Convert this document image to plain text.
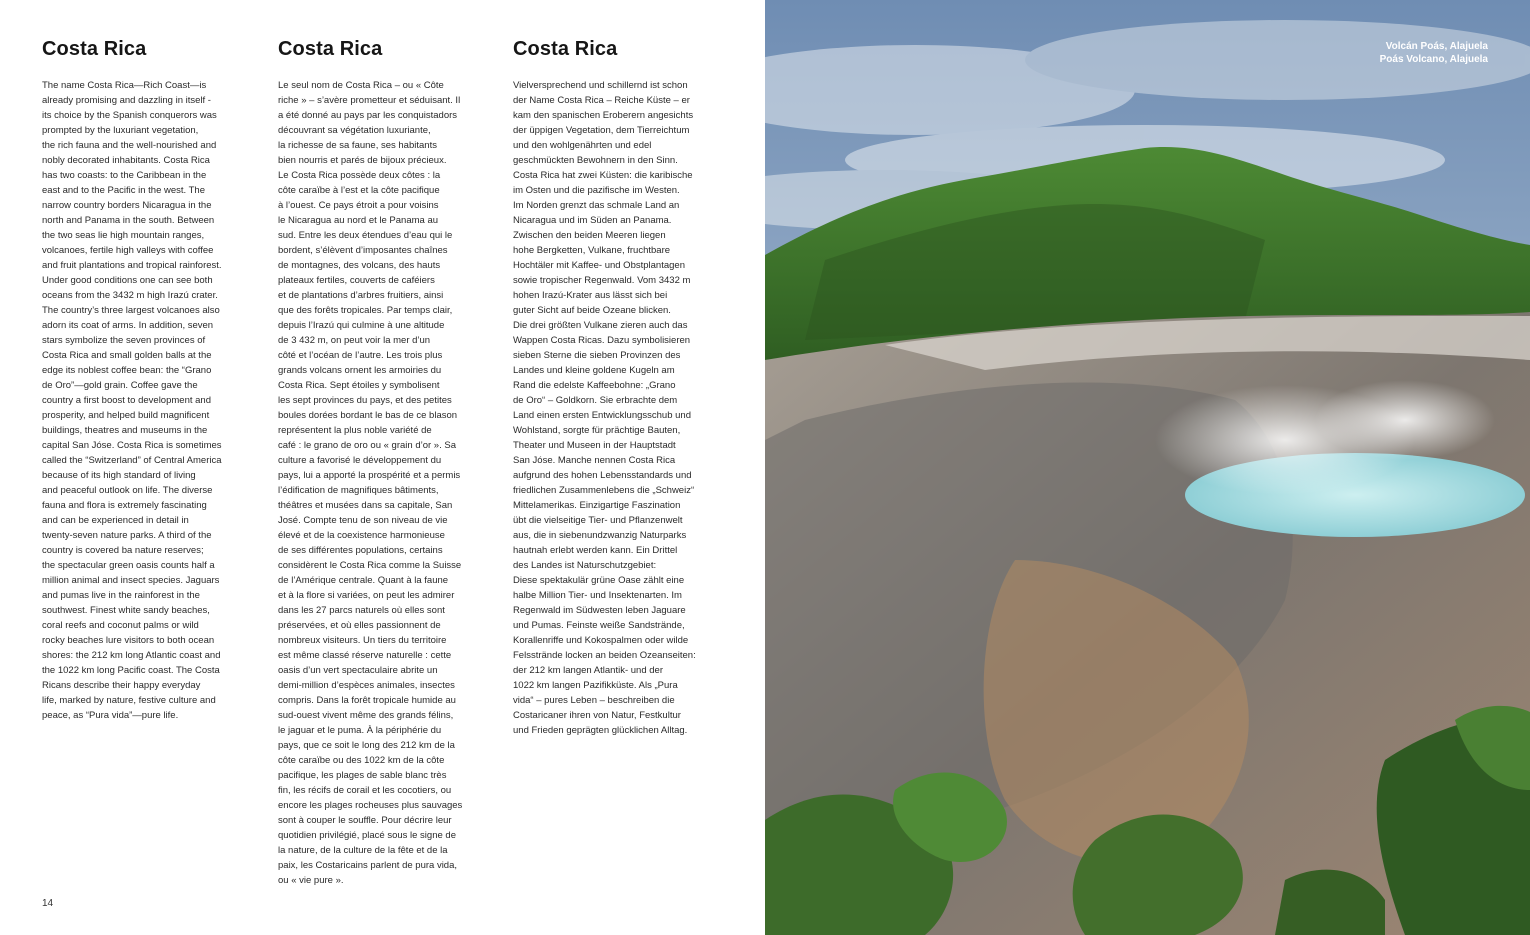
Costa Rica

The name Costa Rica—Rich Coast—is

already promising and dazzling in itself -

its choice by the Spanish conquerors was

prompted by the luxuriant vegetation,

the rich fauna and the well-nourished and

nobly decorated inhabitants. Costa Rica

has two coasts: to the Caribbean in the

east and to the Pacific in the west. The

narrow country borders Nicaragua in the

north and Panama in the south. Between

the two seas lie high mountain ranges,

volcanoes, fertile high valleys with coffee

and fruit plantations and tropical rainforest.

Under good conditions one can see both

oceans from the 3432 m high Irazú crater.

The country’s three largest volcanoes also

adorn its coat of arms. In addition, seven

stars symbolize the seven provinces of

Costa Rica and small golden balls at the

edge its noblest coffee bean: the “Grano

de Oro”—gold grain. Coffee gave the

country a first boost to development and

prosperity, and helped build magnificent

buildings, theatres and museums in the

capital San Jóse. Costa Rica is sometimes

called the “Switzerland” of Central America

because of its high standard of living

and peaceful outlook on life. The diverse

fauna and flora is extremely fascinating

and can be experienced in detail in

twenty-seven nature parks. A third of the

country is covered ba nature reserves;

the spectacular green oasis counts half a

million animal and insect species. Jaguars

and pumas live in the rainforest in the

southwest. Finest white sandy beaches,

coral reefs and coconut palms or wild

rocky beaches lure visitors to both ocean

shores: the 212 km long Atlantic coast and

the 1022 km long Pacific coast. The Costa

Ricans describe their happy everyday

life, marked by nature, festive culture and

peace, as “Pura vida”—pure life.

Costa Rica

Le seul nom de Costa Rica – ou « Côte

riche » – s’avère prometteur et séduisant. Il

a été donné au pays par les conquistadors

découvrant sa végétation luxuriante,

la richesse de sa faune, ses habitants

bien nourris et parés de bijoux précieux.

Le Costa Rica possède deux côtes : la

côte caraïbe à l’est et la côte pacifique

à l’ouest. Ce pays étroit a pour voisins

le Nicaragua au nord et le Panama au

sud. Entre les deux étendues d’eau qui le

bordent, s’élèvent d’imposantes chaînes

de montagnes, des volcans, des hauts

plateaux fertiles, couverts de caféiers

et de plantations d’arbres fruitiers, ainsi

que des forêts tropicales. Par temps clair,

depuis l’Irazú qui culmine à une altitude

de 3 432 m, on peut voir la mer d’un

côté et l’océan de l’autre. Les trois plus

grands volcans ornent les armoiries du

Costa Rica. Sept étoiles y symbolisent

les sept provinces du pays, et des petites

boules dorées bordant le bas de ce blason

représentent la plus noble variété de

café : le grano de oro ou « grain d’or ». Sa

culture a favorisé le développement du

pays, lui a apporté la prospérité et a permis

l’édification de magnifiques bâtiments,

théâtres et musées dans sa capitale, San

José. Compte tenu de son niveau de vie

élevé et de la coexistence harmonieuse

de ses différentes populations, certains

considèrent le Costa Rica comme la Suisse

de l’Amérique centrale. Quant à la faune

et à la flore si variées, on peut les admirer

dans les 27 parcs naturels où elles sont

préservées, et où elles passionnent de

nombreux visiteurs. Un tiers du territoire

est même classé réserve naturelle : cette

oasis d’un vert spectaculaire abrite un

demi-million d’espèces animales, insectes

compris. Dans la forêt tropicale humide au

sud-ouest vivent même des grands félins,

le jaguar et le puma. À la périphérie du

pays, que ce soit le long des 212 km de la

côte caraïbe ou des 1022 km de la côte

pacifique, les plages de sable blanc très

fin, les récifs de corail et les cocotiers, ou

encore les plages rocheuses plus sauvages

sont à couper le souffle. Pour décrire leur

quotidien privilégié, placé sous le signe de

la nature, de la culture de la fête et de la

paix, les Costaricains parlent de pura vida,

ou « vie pure ».

Costa Rica

Vielversprechend und schillernd ist schon

der Name Costa Rica – Reiche Küste – er

kam den spanischen Eroberern angesichts

der üppigen Vegetation, dem Tierreichtum

und den wohlgenährten und edel

geschmückten Bewohnern in den Sinn.

Costa Rica hat zwei Küsten: die karibische

im Osten und die pazifische im Westen.

Im Norden grenzt das schmale Land an

Nicaragua und im Süden an Panama.

Zwischen den beiden Meeren liegen

hohe Bergketten, Vulkane, fruchtbare

Hochtäler mit Kaffee- und Obstplantagen

sowie tropischer Regenwald. Vom 3432 m

hohen Irazú-Krater aus lässt sich bei

guter Sicht auf beide Ozeane blicken.

Die drei größten Vulkane zieren auch das

Wappen Costa Ricas. Dazu symbolisieren

sieben Sterne die sieben Provinzen des

Landes und kleine goldene Kugeln am

Rand die edelste Kaffeebohne: „Grano

de Oro“ – Goldkorn. Sie erbrachte dem

Land einen ersten Entwicklungsschub und

Wohlstand, sorgte für prächtige Bauten,

Theater und Museen in der Hauptstadt

San Jóse. Manche nennen Costa Rica

aufgrund des hohen Lebensstandards und

friedlichen Zusammenlebens die „Schweiz“

Mittelamerikas. Einzigartige Faszination

übt die vielseitige Tier- und Pflanzenwelt

aus, die in siebenundzwanzig Naturparks

hautnah erlebt werden kann. Ein Drittel

des Landes ist Naturschutzgebiet:

Diese spektakulär grüne Oase zählt eine

halbe Million Tier- und Insektenarten. Im

Regenwald im Südwesten leben Jaguare

und Pumas. Feinste weiße Sandstrände,

Korallenriffe und Kokospalmen oder wilde

Felsstrände locken an beiden Ozeanseiten:

der 212 km langen Atlantik- und der

1022 km langen Pazifikküste. Als „Pura

vida“ – pures Leben – beschreiben die

Costaricaner ihren von Natur, Festkultur

und Frieden geprägten glücklichen Alltag.

14
Volcán Poás, Alajuela
Poás Volcano, Alajuela
